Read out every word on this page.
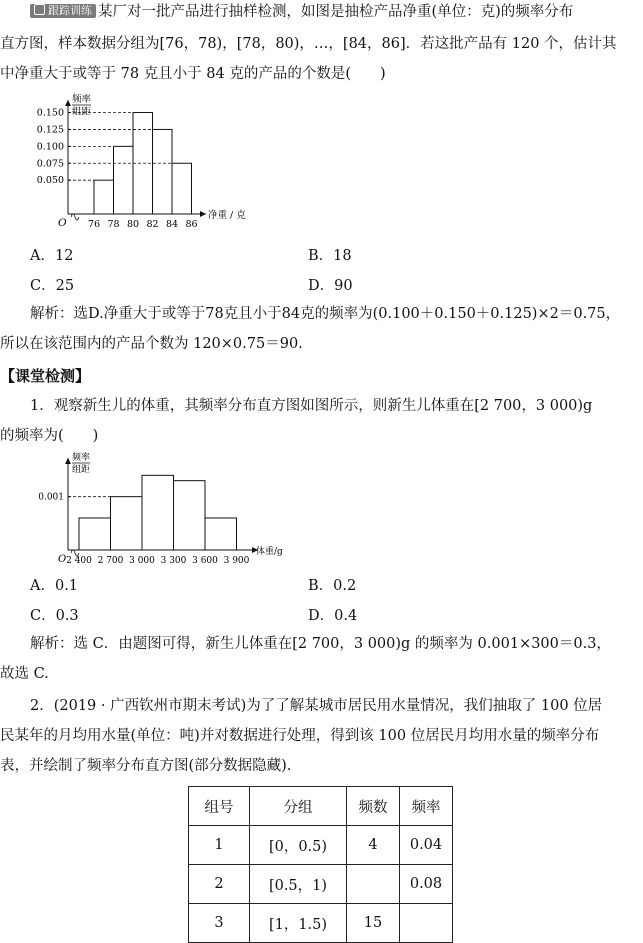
跟踪训练 某厂对一批产品进行抽样检测，如图是抽检产品净重(单位：克)的频率分布
直方图，样本数据分组为[76，78)，[78，80)，…，[84，86]．若这批产品有 120 个，估计其
中净重大于或等于 78 克且小于 84 克的产品的个数是(　　)
频率
组距
O
净重 / 克
0.050
0.075
0.100
0.125
0.150
76 78 80 82 84 86
A．12	B．18
C．25	D．90
解析：选D.净重大于或等于78克且小于84克的频率为(0.100＋0.150＋0.125)×2＝0.75，
所以在该范围内的产品个数为 120×0.75＝90.
【课堂检测】
1．观察新生儿的体重，其频率分布直方图如图所示，则新生儿体重在[2 700，3 000)g
的频率为(　　)
频率
组距
O
体重/g
0.001
2 400 2 700 3 000 3 300 3 600 3 900
A．0.1	B．0.2
C．0.3	D．0.4
解析：选 C．由题图可得，新生儿体重在[2 700，3 000)g 的频率为 0.001×300＝0.3，
故选 C.
2．(2019 · 广西钦州市期末考试)为了了解某城市居民用水量情况，我们抽取了 100 位居
民某年的月均用水量(单位：吨)并对数据进行处理，得到该 100 位居民月均用水量的频率分布
表，并绘制了频率分布直方图(部分数据隐藏).
组号	分组	频数	频率
1	[0，0.5)	4	0.04
2	[0.5，1)		0.08
3	[1，1.5)	15	
